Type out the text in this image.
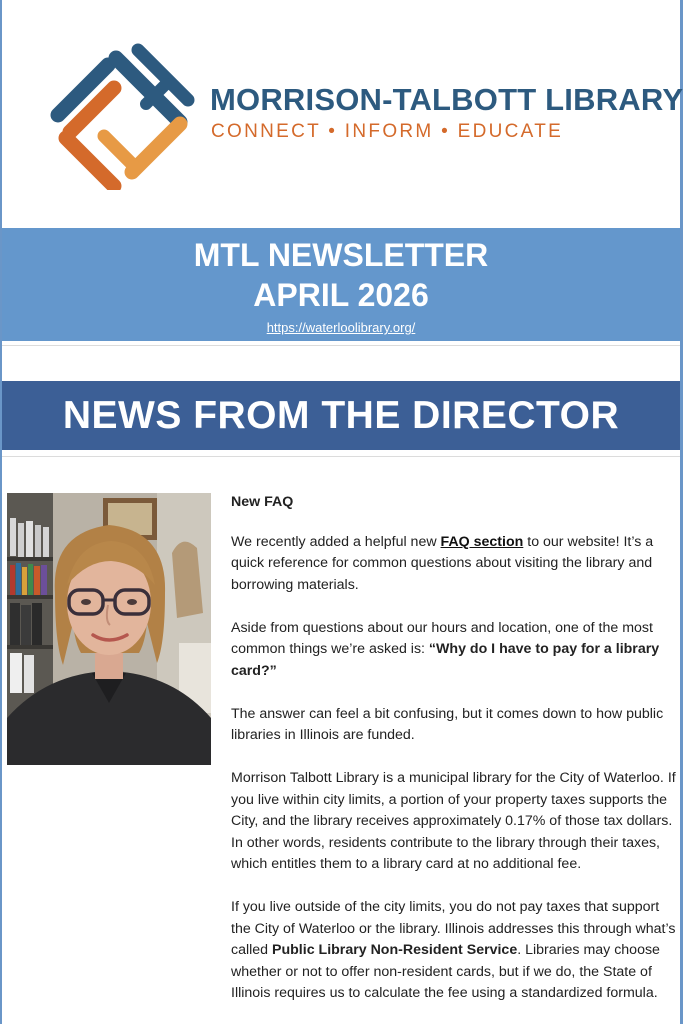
MORRISON-TALBOTT LIBRARY
CONNECT • INFORM • EDUCATE
MTL NEWSLETTER
APRIL 2026
https://waterloolibrary.org/
NEWS FROM THE DIRECTOR

New FAQ

We recently added a helpful new FAQ section to our website! It’s a quick reference for common questions about visiting the library and borrowing materials.

Aside from questions about our hours and location, one of the most common things we’re asked is: “Why do I have to pay for a library card?”

The answer can feel a bit confusing, but it comes down to how public libraries in Illinois are funded.

Morrison Talbott Library is a municipal library for the City of Waterloo. If you live within city limits, a portion of your property taxes supports the City, and the library receives approximately 0.17% of those tax dollars. In other words, residents contribute to the library through their taxes, which entitles them to a library card at no additional fee.

If you live outside of the city limits, you do not pay taxes that support the City of Waterloo or the library. Illinois addresses this through what’s called Public Library Non-Resident Service. Libraries may choose whether or not to offer non-resident cards, but if we do, the State of Illinois requires us to calculate the fee using a standardized formula.
